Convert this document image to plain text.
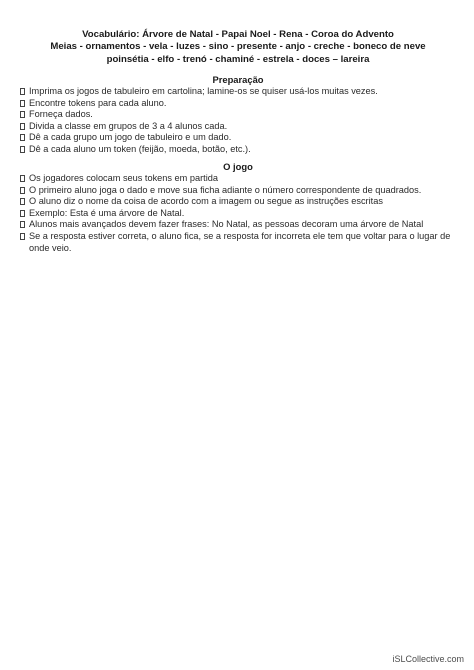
Vocabulário: Árvore de Natal - Papai Noel - Rena - Coroa do Advento
Meias - ornamentos - vela - luzes - sino - presente - anjo - creche - boneco de neve
poinsétia - elfo - trenó - chaminé - estrela - doces – lareira
Preparação
Imprima os jogos de tabuleiro em cartolina; lamine-os se quiser usá-los muitas vezes.
Encontre tokens para cada aluno.
Forneça dados.
Divida a classe em grupos de 3 a 4 alunos cada.
Dê a cada grupo um jogo de tabuleiro e um dado.
Dê a cada aluno um token (feijão, moeda, botão, etc.).
O jogo
Os jogadores colocam seus tokens em partida
O primeiro aluno joga o dado e move sua ficha adiante o número correspondente de quadrados.
O aluno diz o nome da coisa de acordo com a imagem ou segue as instruções escritas
Exemplo: Esta é uma árvore de Natal.
Alunos mais avançados devem fazer frases: No Natal, as pessoas decoram uma árvore de Natal
Se a resposta estiver correta, o aluno fica, se a resposta for incorreta ele tem que voltar para o lugar de onde veio.
iSLCollective.com
